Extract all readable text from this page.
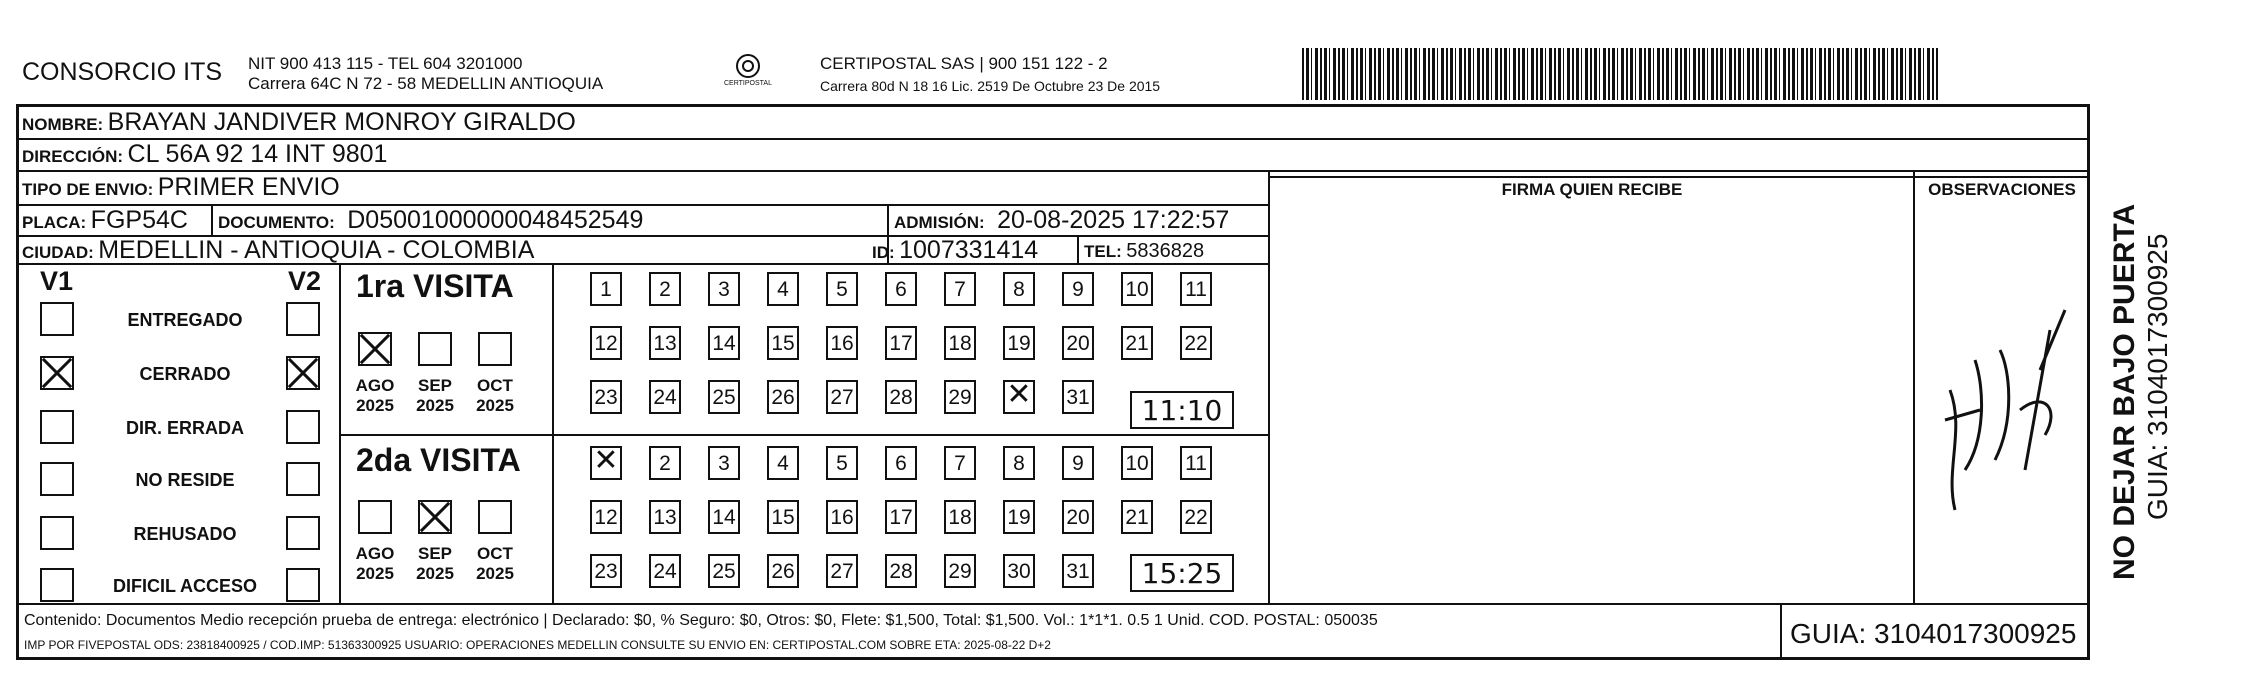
CONSORCIO ITS NIT 900 413 115 - TEL 604 3201000
Carrera 64C N 72 - 58 MEDELLIN ANTIOQUIA	CERTIPOSTAL
CERTIPOSTAL SAS | 900 151 122 - 2
Carrera 80d N 18 16 Lic. 2519 De Octubre 23 De 2015
NOMBRE: BRAYAN JANDIVER MONROY GIRALDO
DIRECCIÓN: CL 56A 92 14 INT 9801
TIPO DE ENVIO: PRIMER ENVIO
PLACA: FGP54C DOCUMENTO: D05001000000048452549	ADMISIÓN: 20-08-2025 17:22:57
CIUDAD: MEDELLIN - ANTIOQUIA - COLOMBIA	ID: 1007331414	TEL: 5836828
FIRMA QUIEN RECIBE	OBSERVACIONES
V1	V2
ENTREGADO
CERRADO
DIR. ERRADA
NO RESIDE
REHUSADO
DIFICIL ACCESO
1ra VISITA
2da VISITA
AGO
2025
SEP
2025
OCT
2025
AGO
2025
SEP
2025
OCT
2025
1	2	3	4	5	6	7	8	9	10 11
12 13 14 15 16 17 18 19 20 21 22
23 24 25 26 27 28 29
✕	31
✕
2	3	4	5	6	7	8	9	10 11
12 13 14 15 16 17 18 19 20 21 22
23 24 25 26 27 28 29 30 31
11:10
15:25
Contenido: Documentos Medio recepción prueba de entrega: electrónico | Declarado: $0, % Seguro: $0, Otros: $0, Flete: $1,500, Total: $1,500. Vol.: 1*1*1. 0.5 1 Unid. COD. POSTAL: 050035
IMP POR FIVEPOSTAL ODS: 23818400925 / COD.IMP: 51363300925 USUARIO: OPERACIONES MEDELLIN CONSULTE SU ENVIO EN: CERTIPOSTAL.COM SOBRE ETA: 2025-08-22 D+2	GUIA: 3104017300925
NO DEJAR BAJO PUERTA GUIA: 3104017300925
